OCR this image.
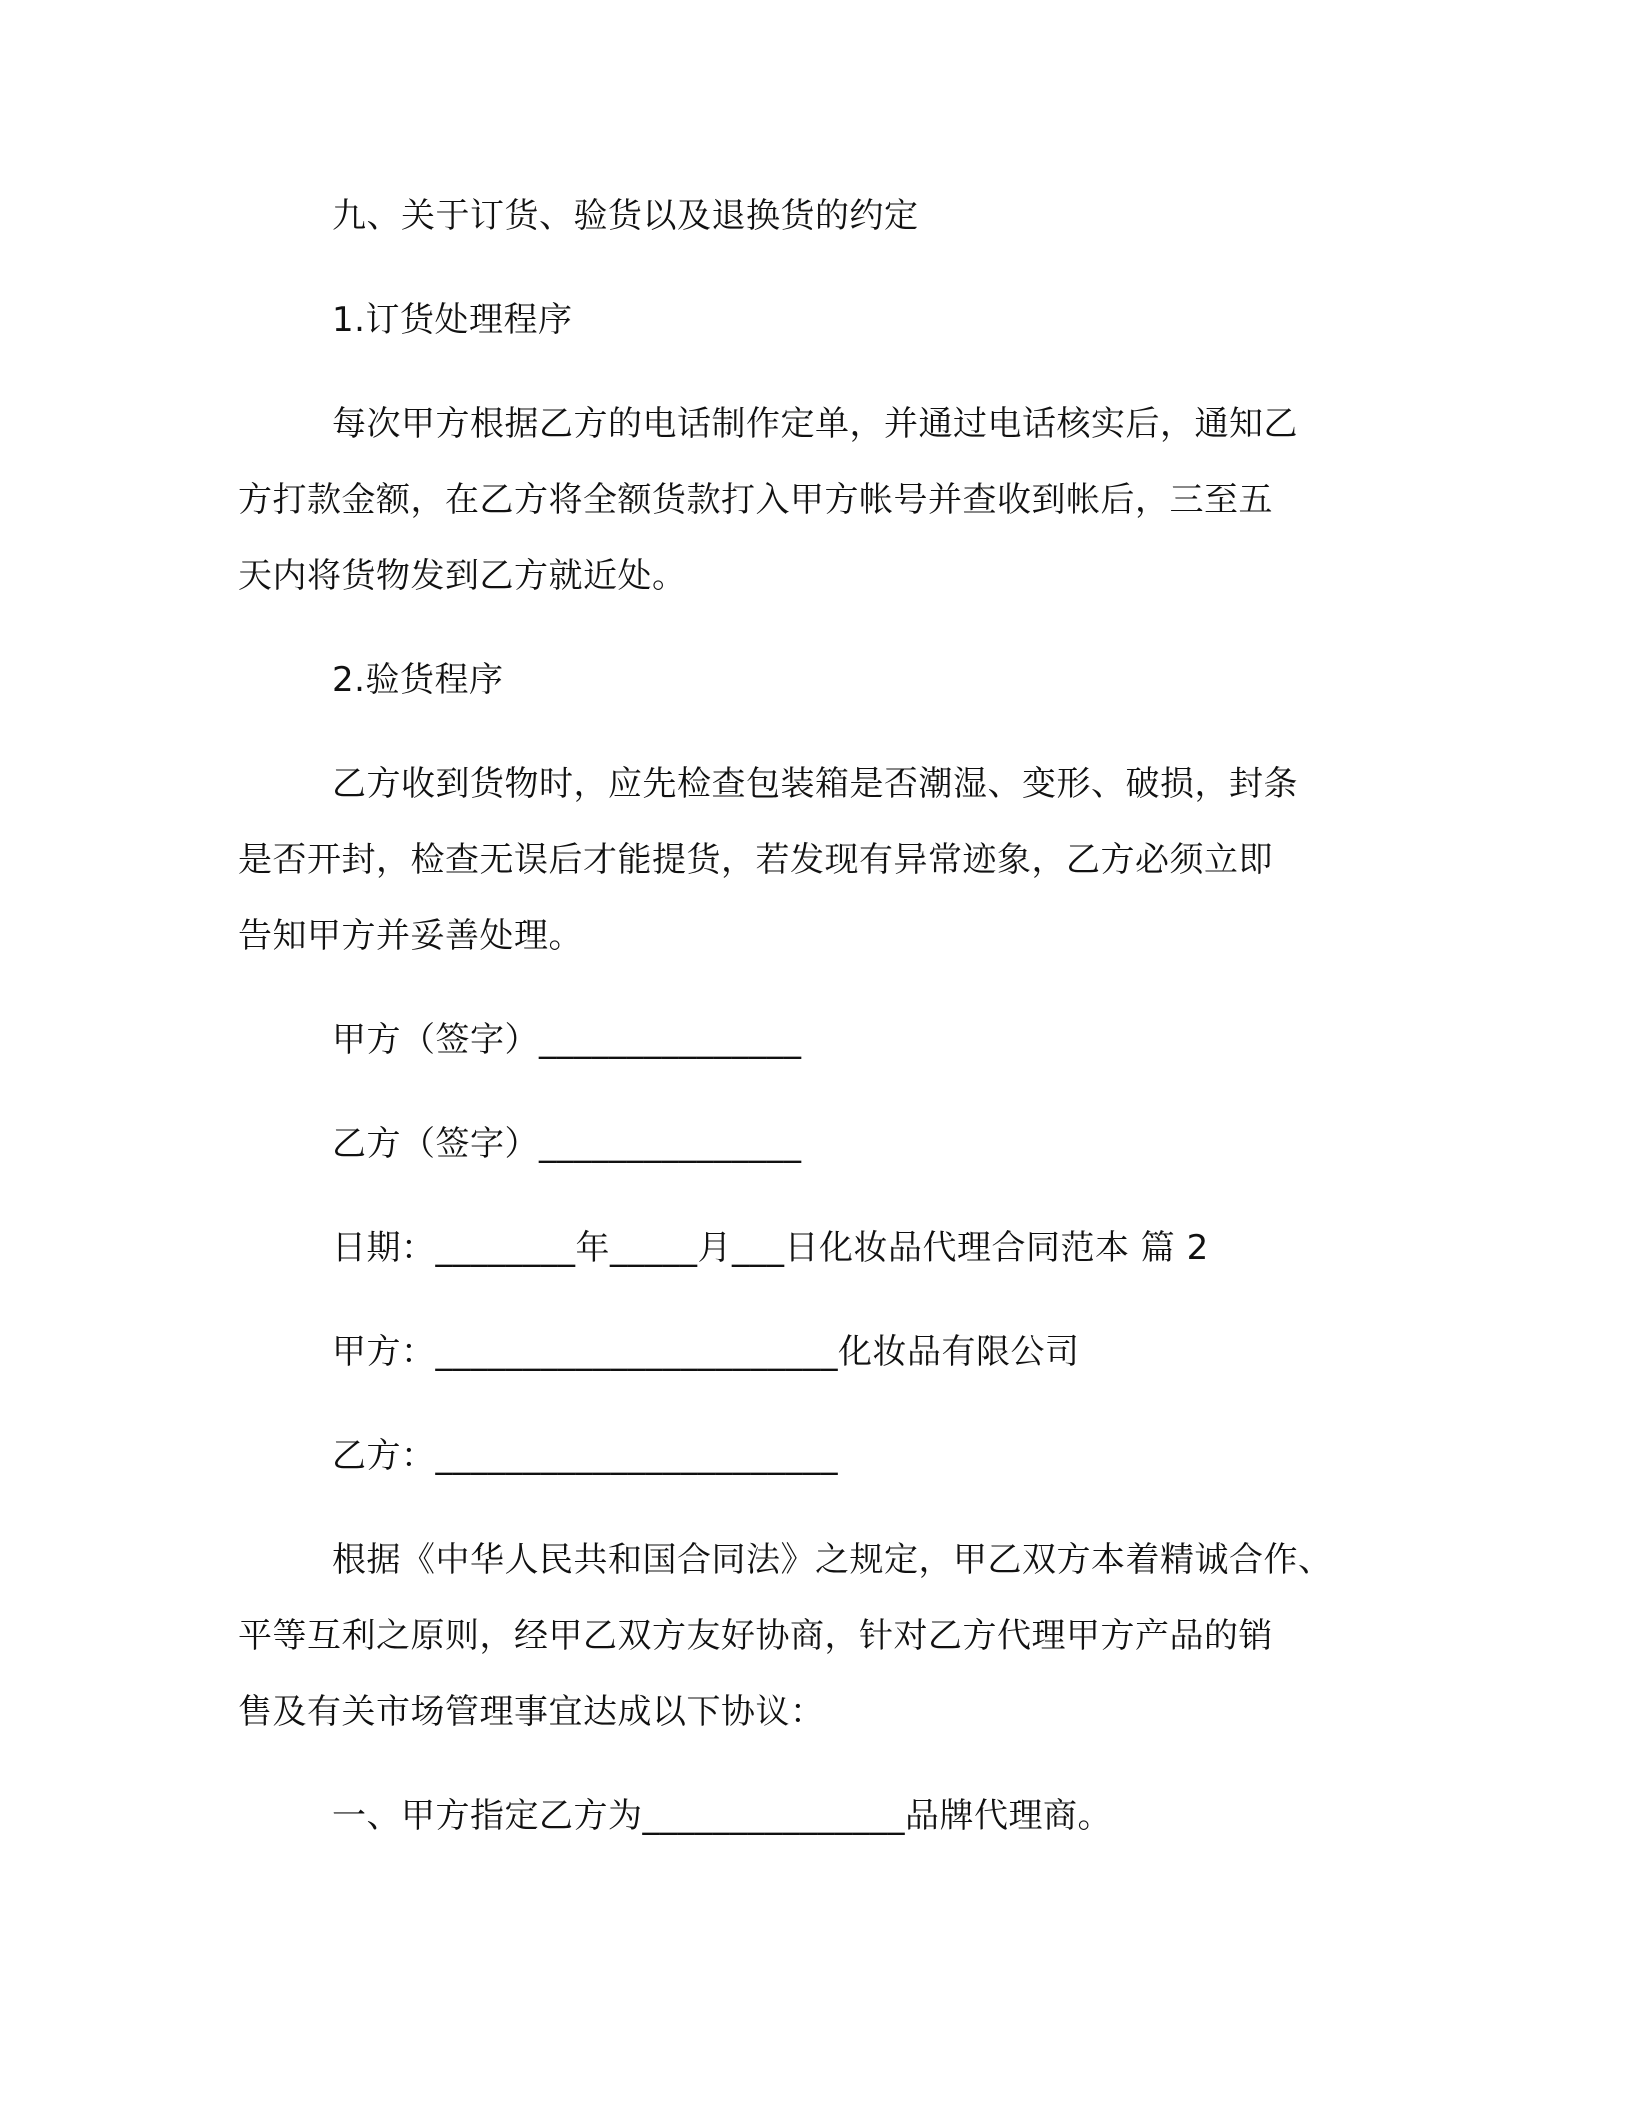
九、关于订货、验货以及退换货的约定

1.订货处理程序

每次甲方根据乙方的电话制作定单，并通过电话核实后，通知乙

方打款金额，在乙方将全额货款打入甲方帐号并查收到帐后，三至五

天内将货物发到乙方就近处。

2.验货程序

乙方收到货物时，应先检查包装箱是否潮湿、变形、破损，封条

是否开封，检查无误后才能提货，若发现有异常迹象，乙方必须立即

告知甲方并妥善处理。

甲方（签字）_______________

乙方（签字）_______________

日期：________年_____月___日化妆品代理合同范本 篇 2

甲方：_______________________化妆品有限公司

乙方：_______________________

根据《中华人民共和国合同法》之规定，甲乙双方本着精诚合作、

平等互利之原则，经甲乙双方友好协商，针对乙方代理甲方产品的销

售及有关市场管理事宜达成以下协议：

一、甲方指定乙方为_______________品牌代理商。
